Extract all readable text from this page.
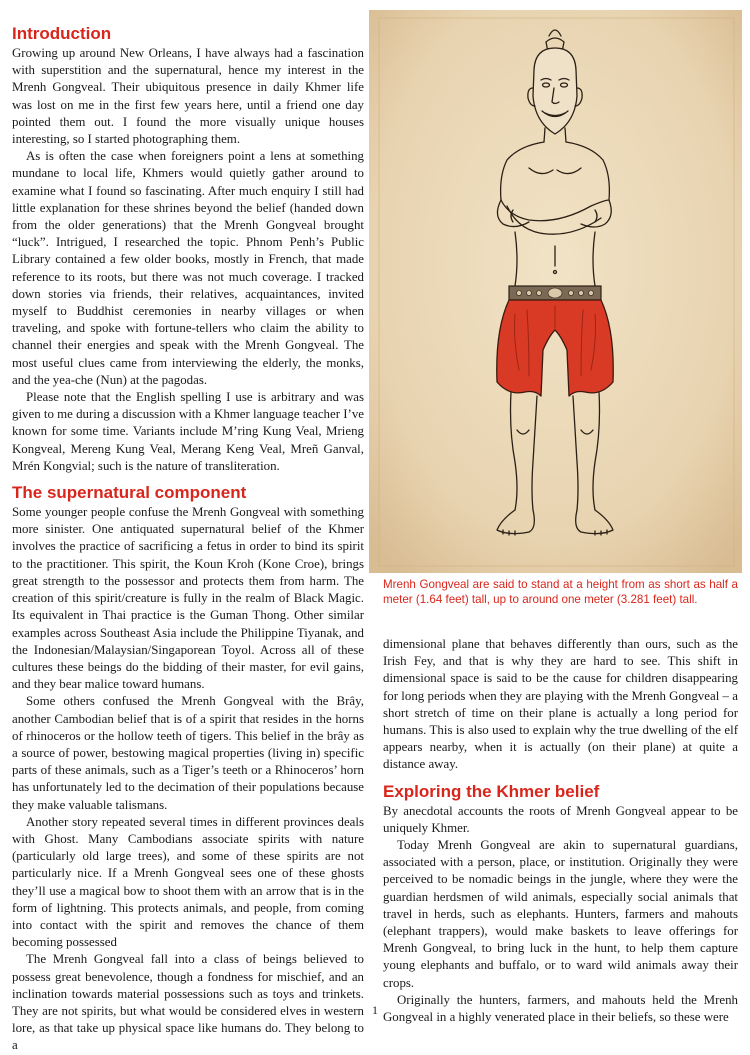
Introduction

Growing up around New Orleans, I have always had a fascination with superstition and the supernatural, hence my interest in the Mrenh Gongveal. Their ubiquitous presence in daily Khmer life was lost on me in the first few years here, until a friend one day pointed them out. I found the more visually unique houses interesting, so I started photographing them.

As is often the case when foreigners point a lens at something mundane to local life, Khmers would quietly gather around to examine what I found so fascinating. After much enquiry I still had little explanation for these shrines beyond the belief (handed down from the older generations) that the Mrenh Gongveal brought “luck”. Intrigued, I researched the topic. Phnom Penh’s Public Library contained a few older books, mostly in French, that made reference to its roots, but there was not much coverage. I tracked down stories via friends, their relatives, acquaintances, invited myself to Buddhist ceremonies in nearby villages or when traveling, and spoke with fortune-tellers who claim the ability to channel their energies and speak with the Mrenh Gongveal. The most useful clues came from interviewing the elderly, the monks, and the yea-che (Nun) at the pagodas.

Please note that the English spelling I use is arbitrary and was given to me during a discussion with a Khmer language teacher I’ve known for some time. Variants include M’ring Kung Veal, Mrieng Kongveal, Mereng Kung Veal, Merang Keng Veal, Mreñ Ganval, Mrén Kongvial; such is the nature of transliteration.

The supernatural component

Some younger people confuse the Mrenh Gongveal with something more sinister. One antiquated supernatural belief of the Khmer involves the practice of sacrificing a fetus in order to bind its spirit to the practitioner. This spirit, the Koun Kroh (Kone Croe), brings great strength to the possessor and protects them from harm. The creation of this spirit/creature is fully in the realm of Black Magic. Its equivalent in Thai practice is the Guman Thong. Other similar examples across Southeast Asia include the Philippine Tiyanak, and the Indonesian/Malaysian/Singaporean Toyol. Across all of these cultures these beings do the bidding of their master, for evil gains, and they bear malice toward humans.

Some others confused the Mrenh Gongveal with the Brây, another Cambodian belief that is of a spirit that resides in the horns of rhinoceros or the hollow teeth of tigers. This belief in the brây as a source of power, bestowing magical properties (living in) specific parts of these animals, such as a Tiger’s teeth or a Rhinoceros’ horn has unfortunately led to the decimation of their populations because they make valuable talismans.

Another story repeated several times in different provinces deals with Ghost. Many Cambodians associate spirits with nature (particularly old large trees), and some of these spirits are not particularly nice. If a Mrenh Gongveal sees one of these ghosts they’ll use a magical bow to shoot them with an arrow that is in the form of lightning. This protects animals, and people, from coming into contact with the spirit and removes the chance of them becoming possessed

The Mrenh Gongveal fall into a class of beings believed to possess great benevolence, though a fondness for mischief, and an inclination towards material possessions such as toys and trinkets. They are not spirits, but what would be considered elves in western lore, as that take up physical space like humans do. They belong to a

Mrenh Gongveal are said to stand at a height from as short as half a meter (1.64 feet) tall, up to around one meter (3.281 feet) tall.

dimensional plane that behaves differently than ours, such as the Irish Fey, and that is why they are hard to see. This shift in dimensional space is said to be the cause for children disappearing for long periods when they are playing with the Mrenh Gongveal – a short stretch of time on their plane is actually a long period for humans. This is also used to explain why the true dwelling of the elf appears nearby, when it is actually (on their plane) at quite a distance away.

Exploring the Khmer belief

By anecdotal accounts the roots of Mrenh Gongveal appear to be uniquely Khmer.

Today Mrenh Gongveal are akin to supernatural guardians, associated with a person, place, or institution. Originally they were perceived to be nomadic beings in the jungle, where they were the guardian herdsmen of wild animals, especially social animals that travel in herds, such as elephants. Hunters, farmers and mahouts (elephant trappers), would make baskets to leave offerings for Mrenh Gongveal, to bring luck in the hunt, to help them capture young elephants and buffalo, or to ward wild animals away their crops.

Originally the hunters, farmers, and mahouts held the Mrenh Gongveal in a highly venerated place in their beliefs, so these were

1
